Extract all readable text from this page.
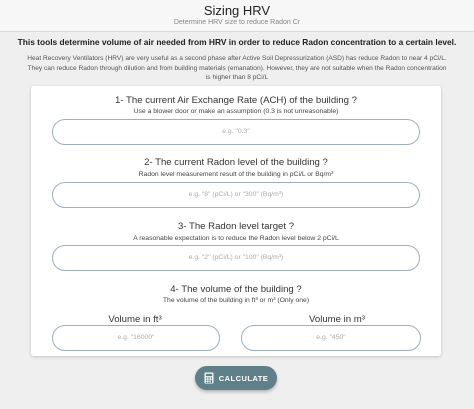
Sizing HRV
Determine HRV size to reduce Radon Cr
This tools determine volume of air needed from HRV in order to reduce Radon concentration to a certain level.
Heat Recovery Ventilators (HRV) are very useful as a second phase after Active Soil Depressurization (ASD) has reduce Radon to near 4 pCi/L. They can reduce Radon through dilution and from building materials (emanation). However, they are not suitable when the Radon concentration is higher than 8 pCi/L
1- The current Air Exchange Rate (ACH) of the building ?
Use a blower door or make an assumption (0.3 is not unreasonable)
e.g. "0.3"
2- The current Radon level of the building ?
Radon level measurement result of the building in pCi/L or Bq/m³
e.g. "8" (pCi/L) or "300" (Bq/m³)
3- The Radon level target ?
A reasonable expectation is to reduce the Radon level below 2 pCi/L
e.g. "2" (pCi/L) or "100" (Bq/m³)
4- The volume of the building ?
The volume of the building in ft³ or m³ (Only one)
Volume in ft³	Volume in m³
e.g. "16000"	e.g. "450"
CALCULATE
